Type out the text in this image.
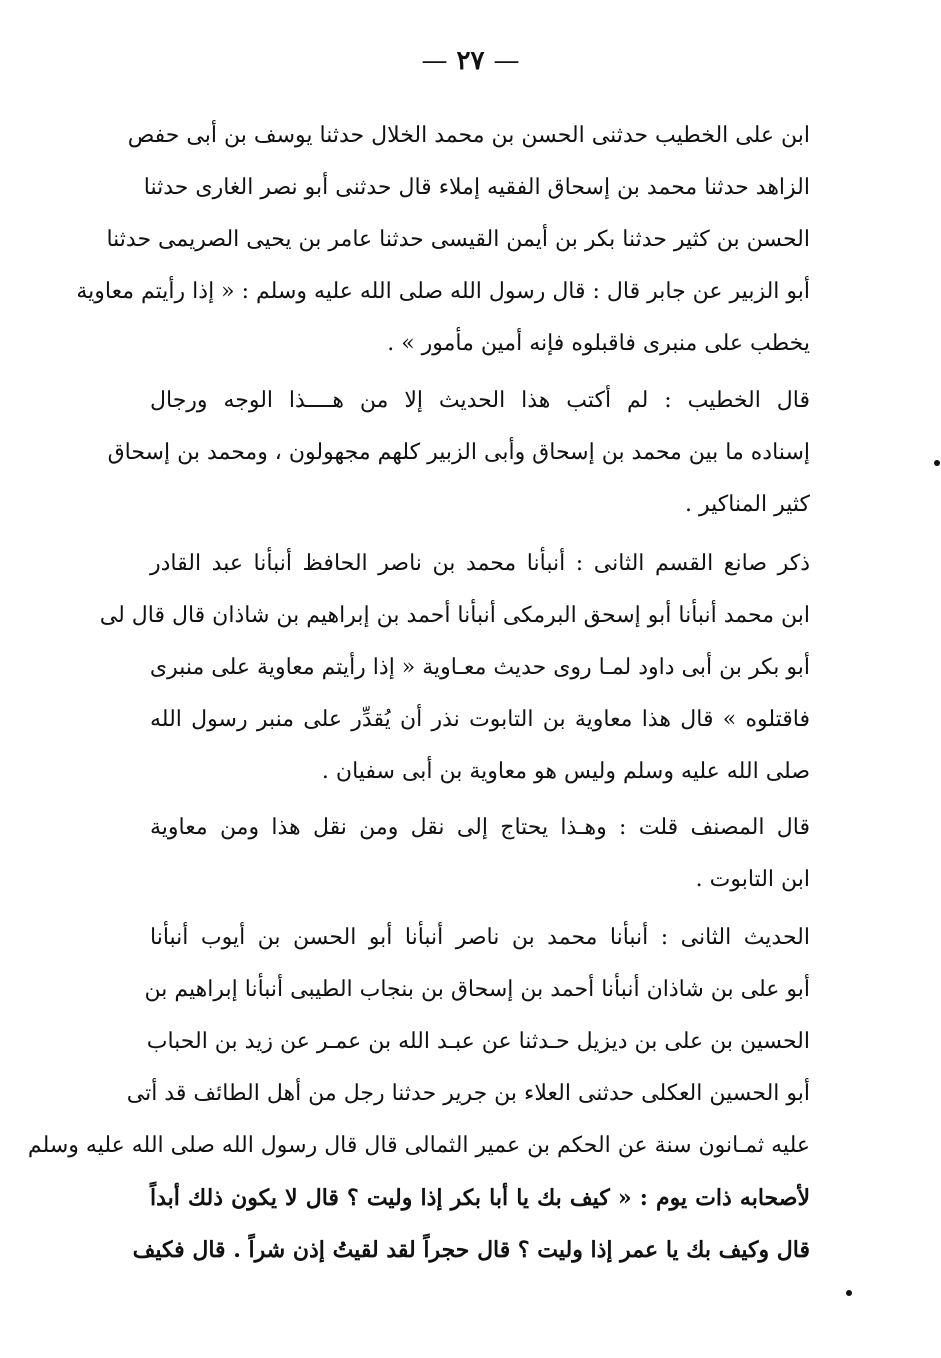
— ٢٧ —
ابن على الخطيب حدثنى الحسن بن محمد الخلال حدثنا يوسف بن أبى حفص
الزاهد حدثنا محمد بن إسحاق الفقيه إملاء قال حدثنى أبو نصر الغارى حدثنا
الحسن بن كثير حدثنا بكر بن أيمن القيسى حدثنا عامر بن يحيى الصريمى حدثنا
أبو الزبير عن جابر قال : قال رسول الله صلى الله عليه وسلم : « إذا رأيتم معاوية
يخطب على منبرى فاقبلوه فإنه أمين مأمور » .
قال الخطيب : لم أكتب هذا الحديث إلا من هــــذا الوجه ورجال
إسناده ما بين محمد بن إسحاق وأبى الزبير كلهم مجهولون ، ومحمد بن إسحاق
كثير المناكير .
ذكر صانع القسم الثانى : أنبأنا محمد بن ناصر الحافظ أنبأنا عبد القادر
ابن محمد أنبأنا أبو إسحق البرمكى أنبأنا أحمد بن إبراهيم بن شاذان قال قال لى
أبو بكر بن أبى داود لمـا روى حديث معـاوية « إذا رأيتم معاوية على منبرى
فاقتلوه » قال هذا معاوية بن التابوت نذر أن يُقدِّر على منبر رسول الله
صلى الله عليه وسلم وليس هو معاوية بن أبى سفيان .
قال المصنف قلت : وهـذا يحتاج إلى نقل ومن نقل هذا ومن معاوية
ابن التابوت .
الحديث الثانى : أنبأنا محمد بن ناصر أنبأنا أبو الحسن بن أيوب أنبأنا
أبو على بن شاذان أنبأنا أحمد بن إسحاق بن بنجاب الطيبى أنبأنا إبراهيم بن
الحسين بن على بن ديزيل حـدثنا عن عبـد الله بن عمـر عن زيد بن الحباب
أبو الحسين العكلى حدثنى العلاء بن جرير حدثنا رجل من أهل الطائف قد أتى
عليه ثمـانون سنة عن الحكم بن عمير الثمالى قال قال رسول الله صلى الله عليه وسلم
لأصحابه ذات يوم : « كيف بك يا أبا بكر إذا وليت ؟ قال لا يكون ذلك أبداً
قال وكيف بك يا عمر إذا وليت ؟ قال حجراً لقد لقيتُ إذن شراً . قال فكيف
